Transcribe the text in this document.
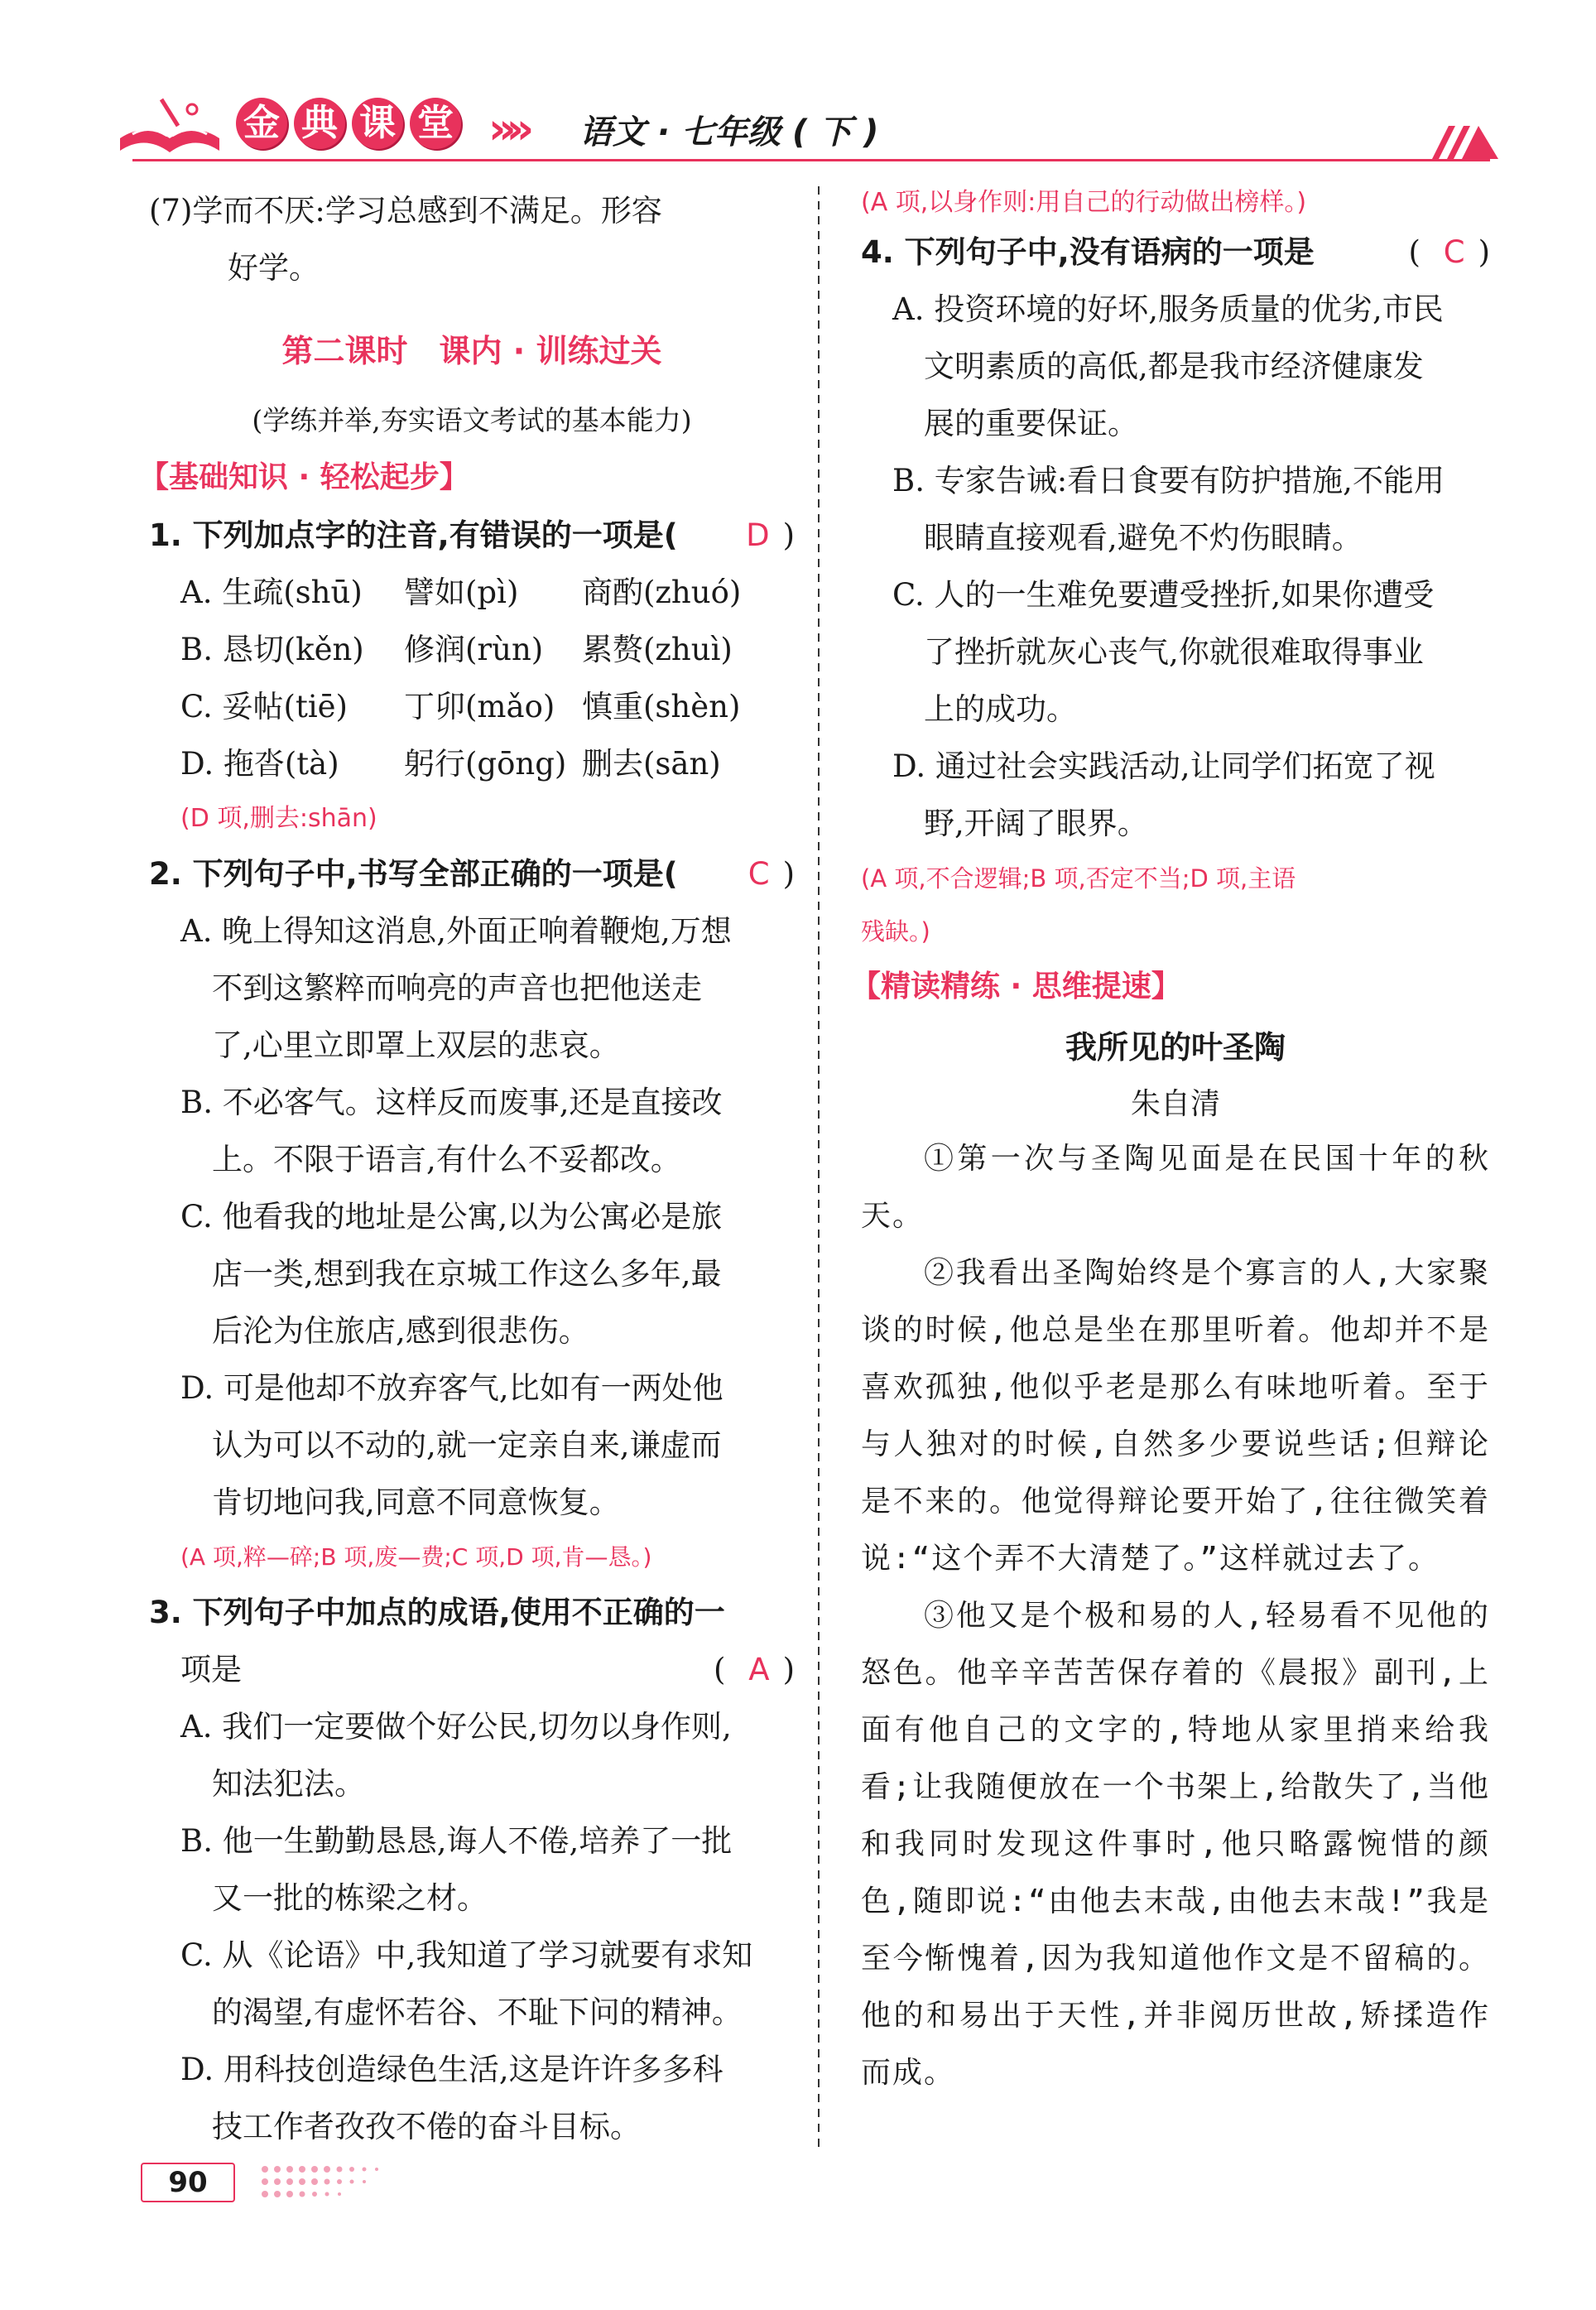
金 典 课 堂 »» 语文 · 七年级 ( 下 )
(7)学而不厌:学习总感到不满足。形容
好学。
第二课时　课内 · 训练过关
(学练并举,夯实语文考试的基本能力)
【基础知识 · 轻松起步】
1. 下列加点字的注音,有错误的一项是(	D )
A. 生疏(shū)	譬如(pì)	商酌(zhuó)
B. 恳切(kěn)	修润(rùn)	累赘(zhuì)
C. 妥帖(tiē)	丁卯(mǎo) 慎重(shèn)
D. 拖沓(tà)	躬行(gōng) 删去(sān)
(D 项,删去:shān)
2. 下列句子中,书写全部正确的一项是(	C )
A. 晚上得知这消息,外面正响着鞭炮,万想
不到这繁粹而响亮的声音也把他送走
了,心里立即罩上双层的悲哀。
B. 不必客气。这样反而废事,还是直接改
上。不限于语言,有什么不妥都改。
C. 他看我的地址是公寓,以为公寓必是旅
店一类,想到我在京城工作这么多年,最
后沦为住旅店,感到很悲伤。
D. 可是他却不放弃客气,比如有一两处他
认为可以不动的,就一定亲自来,谦虚而
肯切地问我,同意不同意恢复。
(A 项,粹—碎;B 项,废—费;C 项,D 项,肯—恳。)
3. 下列句子中加点的成语,使用不正确的一
项是	( A )
A. 我们一定要做个好公民,切勿以身作则,
知法犯法。
B. 他一生勤勤恳恳,诲人不倦,培养了一批
又一批的栋梁之材。
C. 从《论语》中,我知道了学习就要有求知
的渴望,有虚怀若谷、不耻下问的精神。
D. 用科技创造绿色生活,这是许许多多科
技工作者孜孜不倦的奋斗目标。
(A 项,以身作则:用自己的行动做出榜样。)
4. 下列句子中,没有语病的一项是	( C )
A. 投资环境的好坏,服务质量的优劣,市民
文明素质的高低,都是我市经济健康发
展的重要保证。
B. 专家告诫:看日食要有防护措施,不能用
眼睛直接观看,避免不灼伤眼睛。
C. 人的一生难免要遭受挫折,如果你遭受
了挫折就灰心丧气,你就很难取得事业
上的成功。
D. 通过社会实践活动,让同学们拓宽了视
野,开阔了眼界。
(A 项,不合逻辑;B 项,否定不当;D 项,主语
残缺。)
【精读精练 · 思维提速】
我所见的叶圣陶
朱自清

①第一次与圣陶见面是在民国十年的秋天。

②我看出圣陶始终是个寡言的人,大家聚谈的时候,他总是坐在那里听着。他却并不是喜欢孤独,他似乎老是那么有味地听着。至于与人独对的时候,自然多少要说些话;但辩论是不来的。他觉得辩论要开始了,往往微笑着说:“这个弄不大清楚了。”这样就过去了。

③他又是个极和易的人,轻易看不见他的怒色。他辛辛苦苦保存着的《晨报》副刊,上面有他自己的文字的,特地从家里捎来给我看;让我随便放在一个书架上,给散失了,当他和我同时发现这件事时,他只略露惋惜的颜色,随即说:“由他去末哉,由他去末哉!”我是至今惭愧着,因为我知道他作文是不留稿的。他的和易出于天性,并非阅历世故,矫揉造作而成。

90
